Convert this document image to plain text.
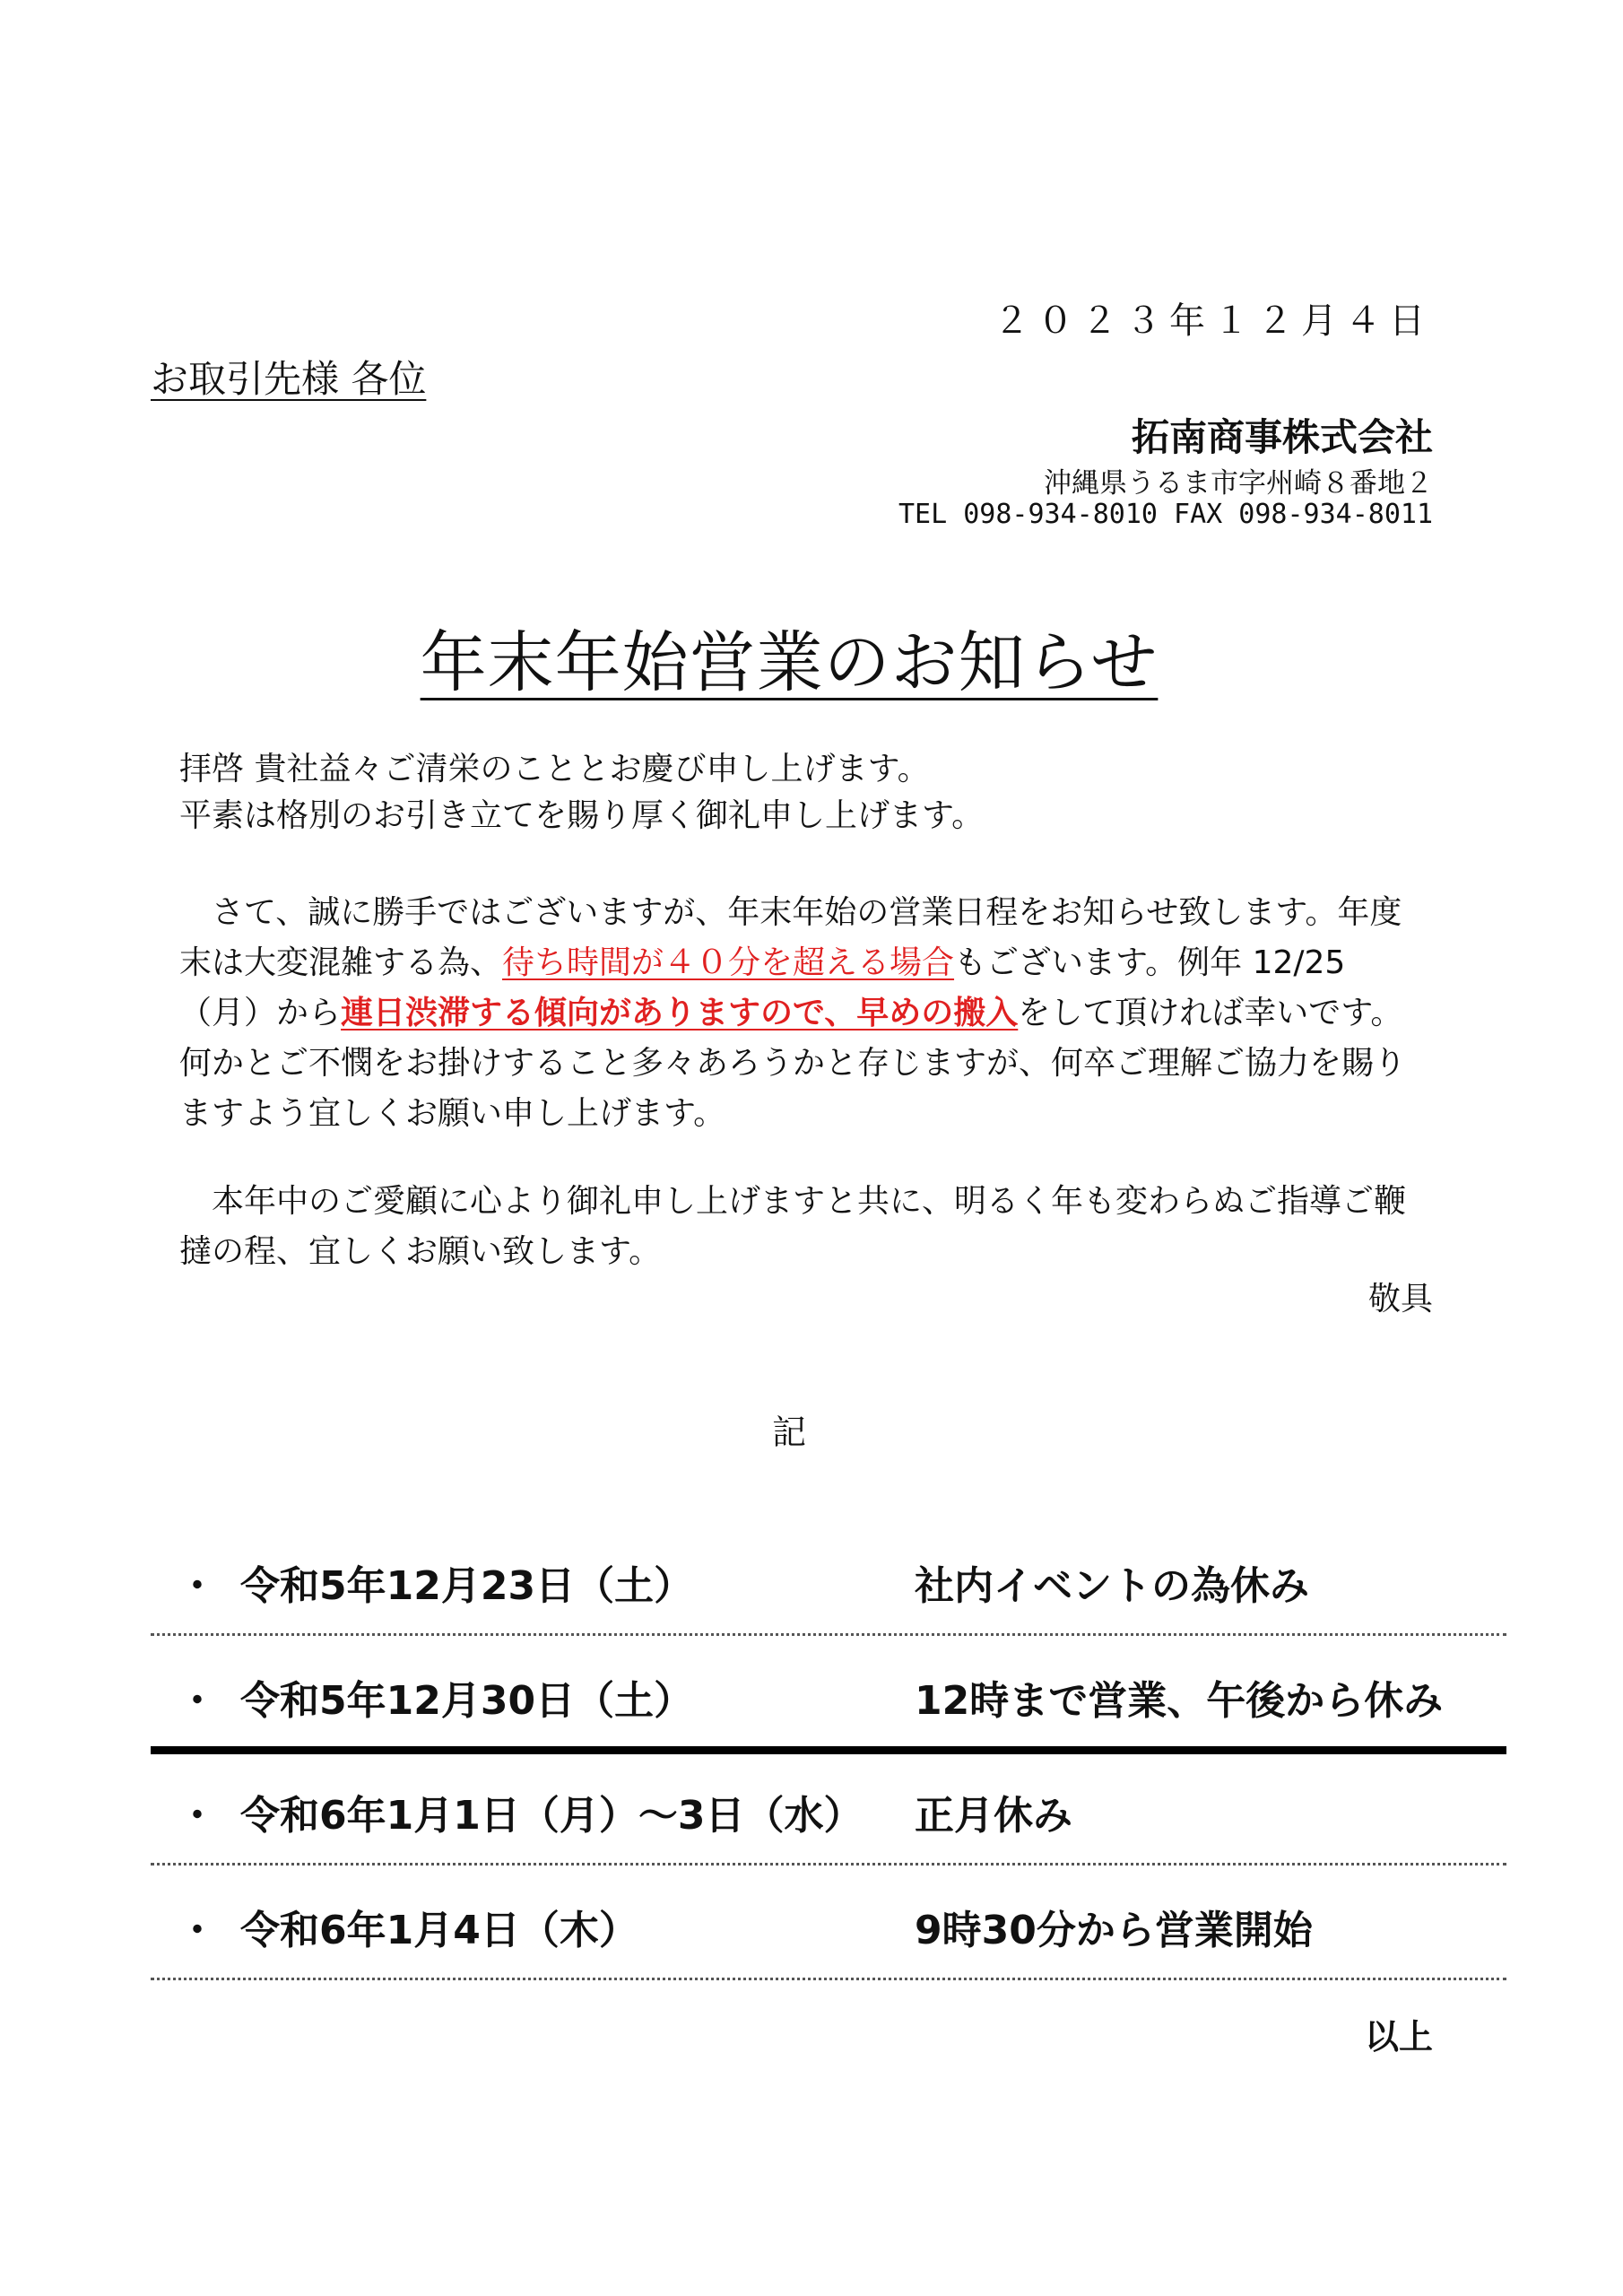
２０２３年１２月４日
お取引先様 各位
拓南商事株式会社
沖縄県うるま市字州崎８番地２
TEL 098-934-8010 FAX 098-934-8011
年末年始営業のお知らせ
拝啓 貴社益々ご清栄のこととお慶び申し上げます。
平素は格別のお引き立てを賜り厚く御礼申し上げます。
さて、誠に勝手ではございますが、年末年始の営業日程をお知らせ致します。年度末は大変混雑する為、待ち時間が４０分を超える場合もございます。例年 12/25（月）から連日渋滞する傾向がありますので、早めの搬入をして頂ければ幸いです。何かとご不憫をお掛けすること多々あろうかと存じますが、何卒ご理解ご協力を賜りますよう宜しくお願い申し上げます。
本年中のご愛顧に心より御礼申し上げますと共に、明るく年も変わらぬご指導ご鞭撻の程、宜しくお願い致します。
敬具
記
・ 令和5年12月23日（土）	社内イベントの為休み
・ 令和5年12月30日（土）	12時まで営業、午後から休み
・ 令和6年1月1日（月）～3日（水） 正月休み
・ 令和6年1月4日（木）	9時30分から営業開始
以上
